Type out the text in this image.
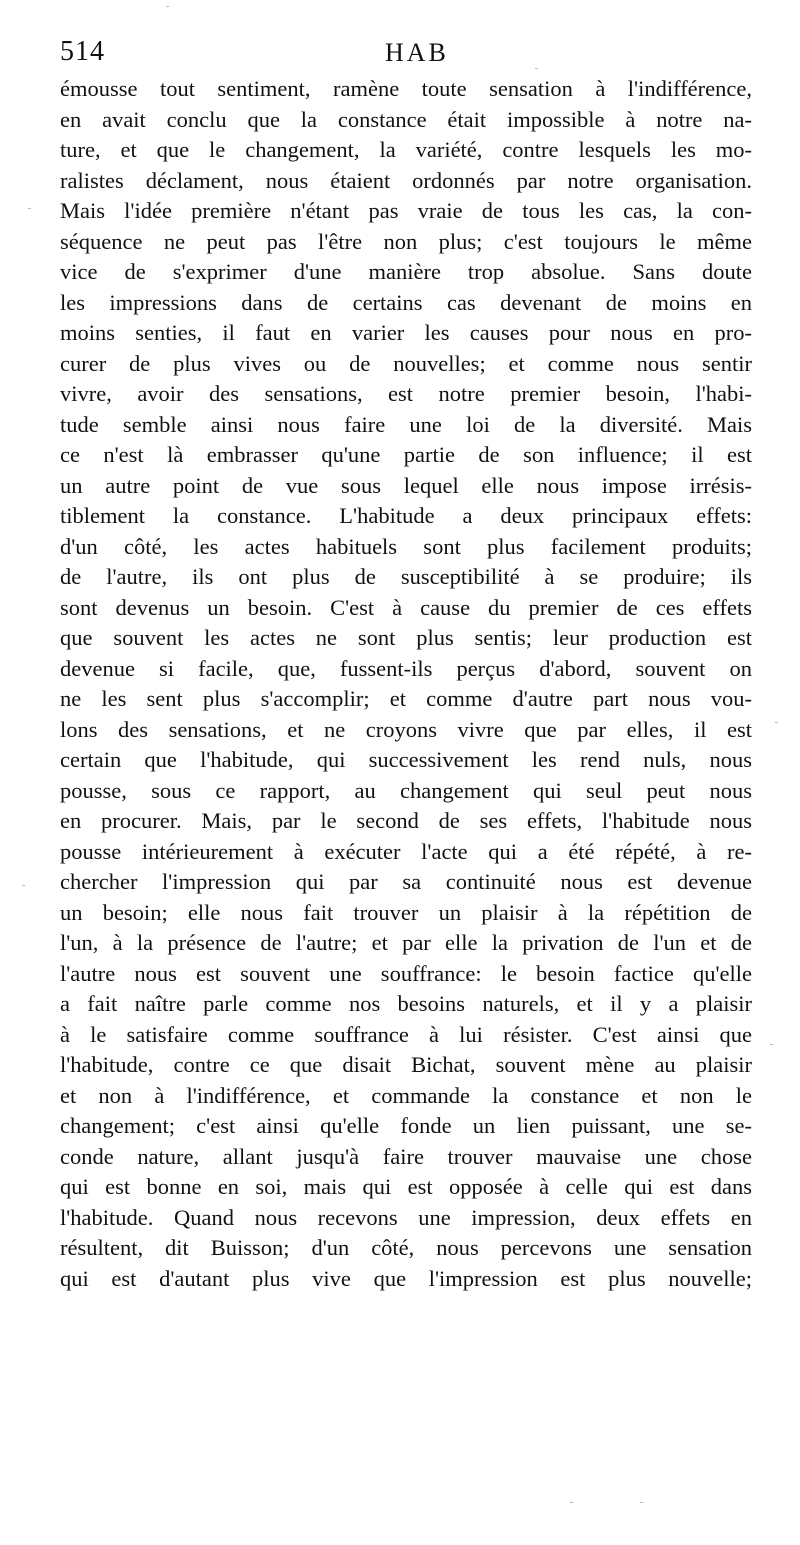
514	HAB
émousse tout sentiment, ramène toute sensation à l'indifférence,
en avait conclu que la constance était impossible à notre na-
ture, et que le changement, la variété, contre lesquels les mo-
ralistes déclament, nous étaient ordonnés par notre organisation.
Mais l'idée première n'étant pas vraie de tous les cas, la con-
séquence ne peut pas l'être non plus; c'est toujours le même
vice de s'exprimer d'une manière trop absolue. Sans doute
les impressions dans de certains cas devenant de moins en
moins senties, il faut en varier les causes pour nous en pro-
curer de plus vives ou de nouvelles; et comme nous sentir
vivre, avoir des sensations, est notre premier besoin, l'habi-
tude semble ainsi nous faire une loi de la diversité. Mais
ce n'est là embrasser qu'une partie de son influence; il est
un autre point de vue sous lequel elle nous impose irrésis-
tiblement la constance. L'habitude a deux principaux effets:
d'un côté, les actes habituels sont plus facilement produits;
de l'autre, ils ont plus de susceptibilité à se produire; ils
sont devenus un besoin. C'est à cause du premier de ces effets
que souvent les actes ne sont plus sentis; leur production est
devenue si facile, que, fussent-ils perçus d'abord, souvent on
ne les sent plus s'accomplir; et comme d'autre part nous vou-
lons des sensations, et ne croyons vivre que par elles, il est
certain que l'habitude, qui successivement les rend nuls, nous
pousse, sous ce rapport, au changement qui seul peut nous
en procurer. Mais, par le second de ses effets, l'habitude nous
pousse intérieurement à exécuter l'acte qui a été répété, à re-
chercher l'impression qui par sa continuité nous est devenue
un besoin; elle nous fait trouver un plaisir à la répétition de
l'un, à la présence de l'autre; et par elle la privation de l'un et de
l'autre nous est souvent une souffrance: le besoin factice qu'elle
a fait naître parle comme nos besoins naturels, et il y a plaisir
à le satisfaire comme souffrance à lui résister. C'est ainsi que
l'habitude, contre ce que disait Bichat, souvent mène au plaisir
et non à l'indifférence, et commande la constance et non le
changement; c'est ainsi qu'elle fonde un lien puissant, une se-
conde nature, allant jusqu'à faire trouver mauvaise une chose
qui est bonne en soi, mais qui est opposée à celle qui est dans
l'habitude. Quand nous recevons une impression, deux effets en
résultent, dit Buisson; d'un côté, nous percevons une sensation
qui est d'autant plus vive que l'impression est plus nouvelle;
